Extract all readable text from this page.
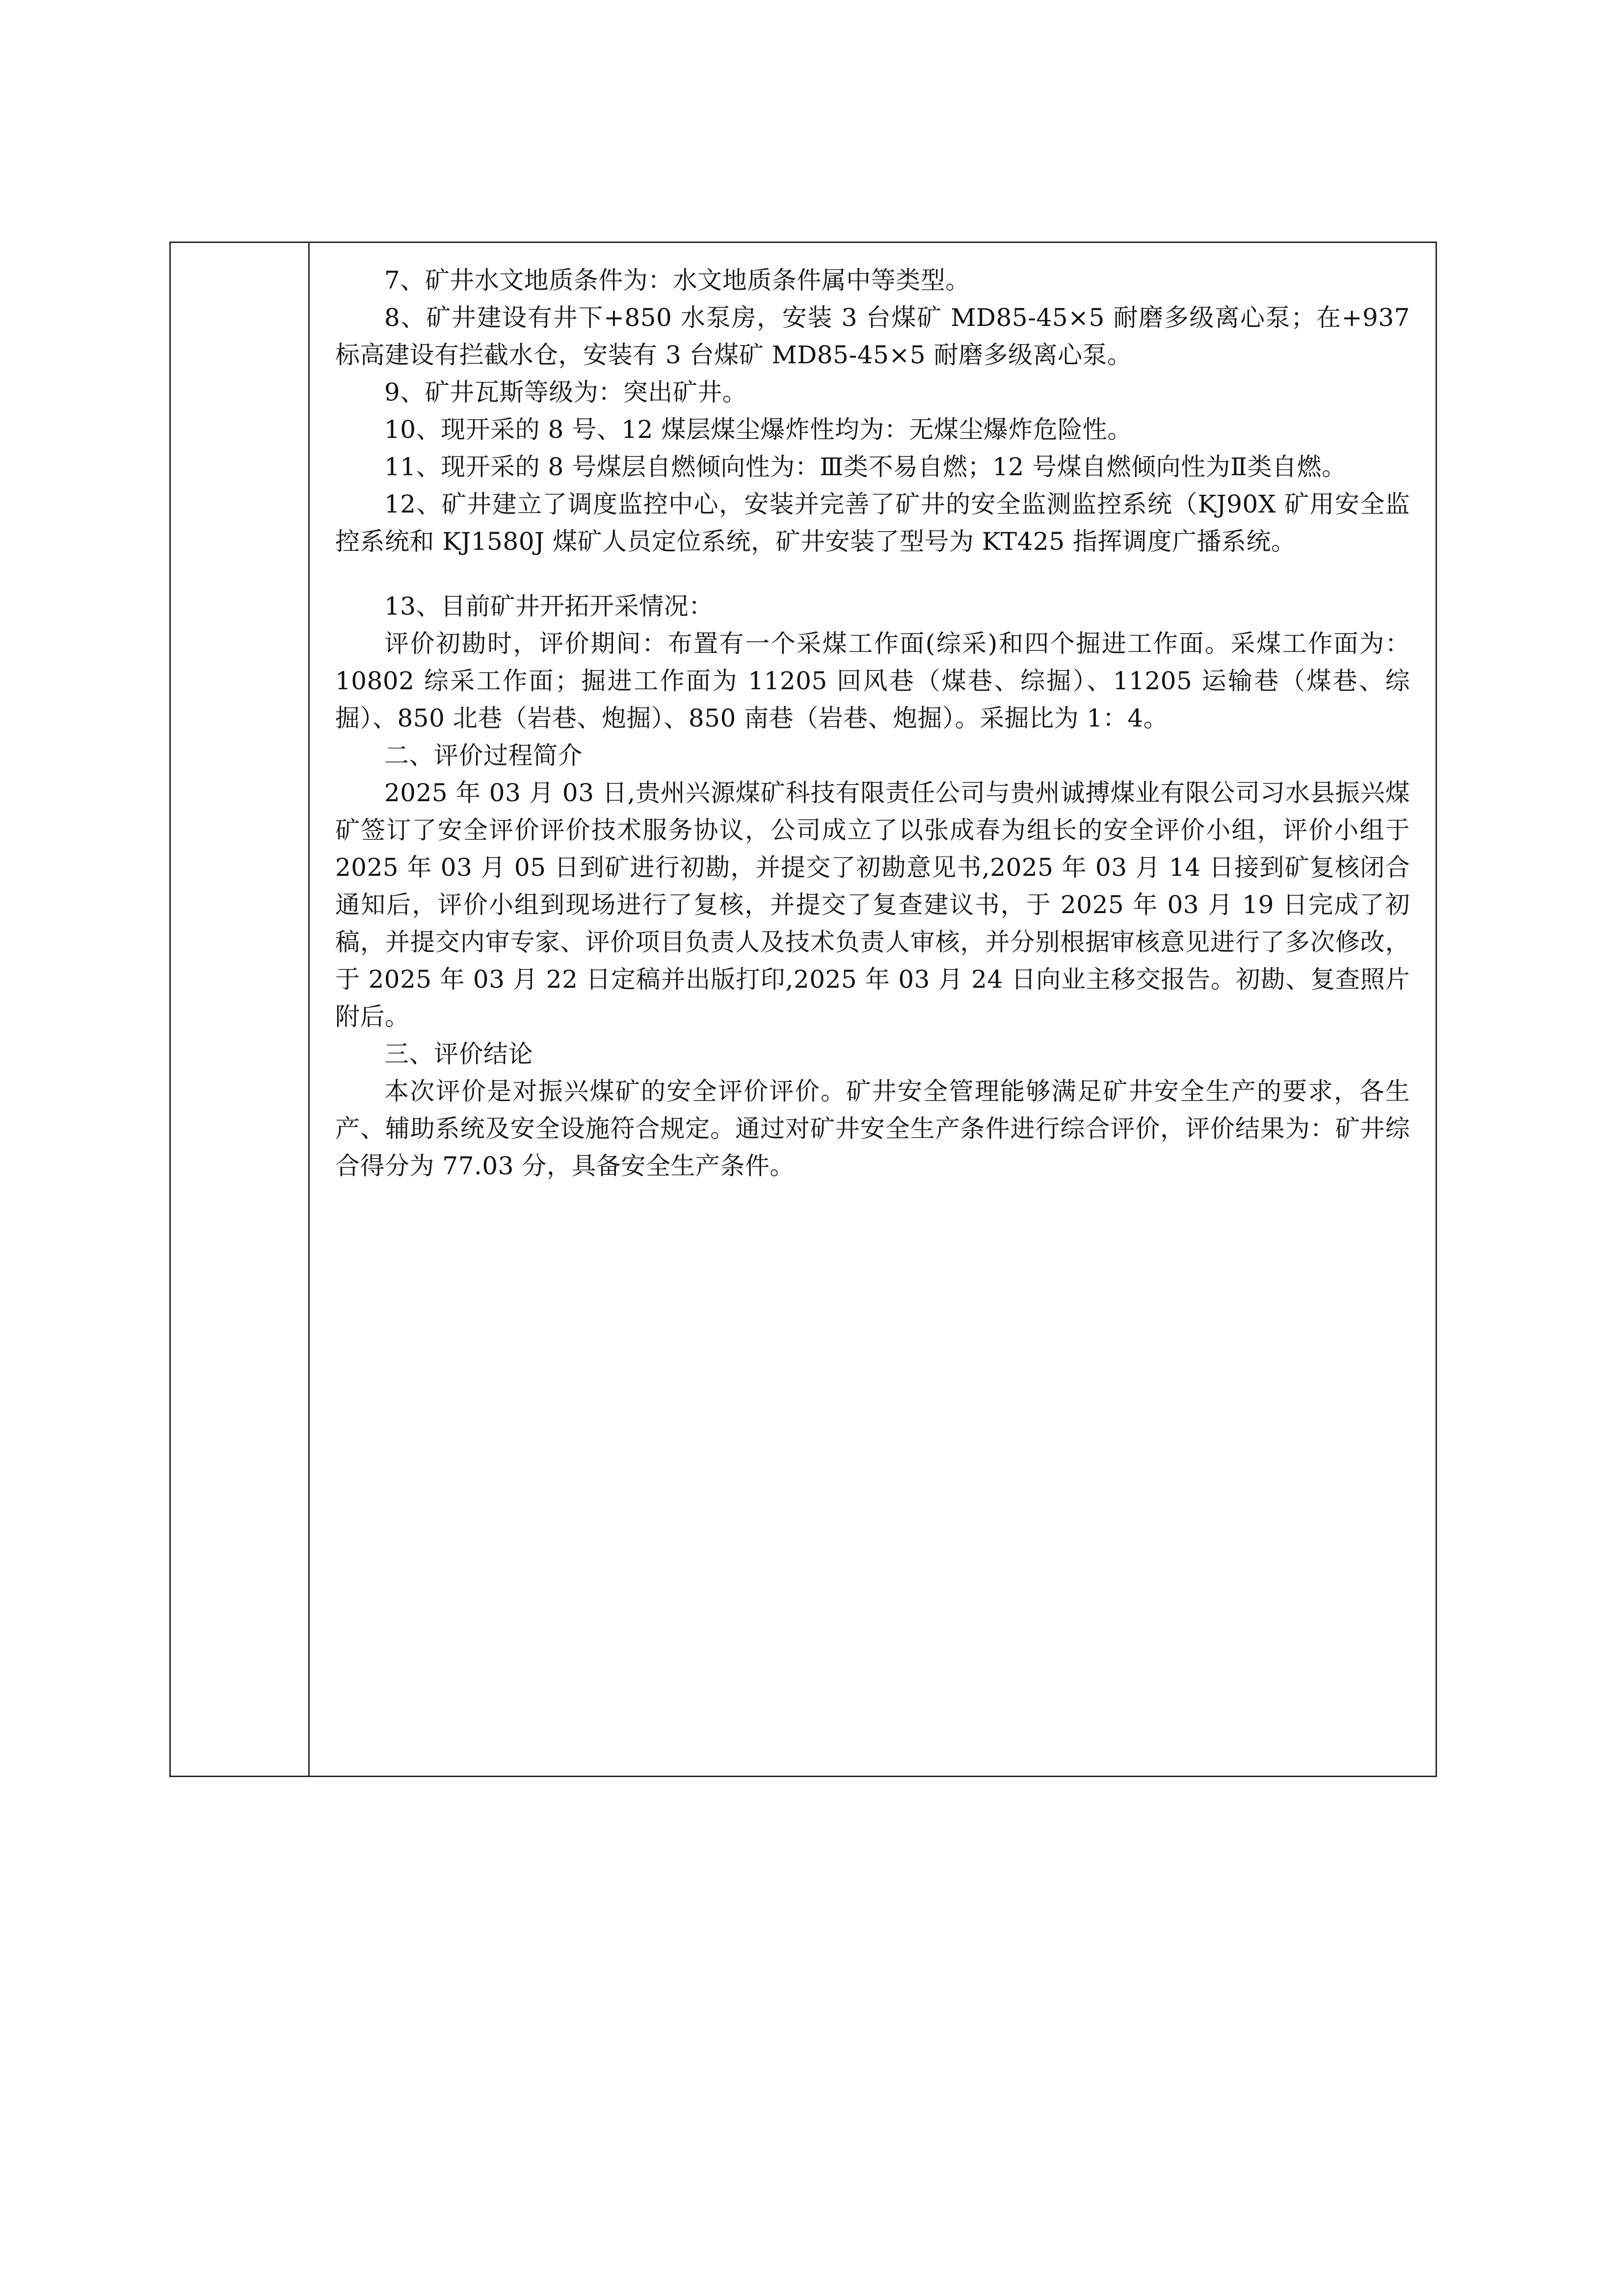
7、矿井水文地质条件为：水文地质条件属中等类型。

8、矿井建设有井下+850 水泵房，安装 3 台煤矿 MD85-45×5 耐磨多级离心泵；在+937 标高建设有拦截水仓，安装有 3 台煤矿 MD85-45×5 耐磨多级离心泵。

9、矿井瓦斯等级为：突出矿井。

10、现开采的 8 号、12 煤层煤尘爆炸性均为：无煤尘爆炸危险性。

11、现开采的 8 号煤层自燃倾向性为：Ⅲ类不易自燃；12 号煤自燃倾向性为Ⅱ类自燃。

12、矿井建立了调度监控中心，安装并完善了矿井的安全监测监控系统（KJ90X 矿用安全监控系统和 KJ1580J 煤矿人员定位系统，矿井安装了型号为 KT425 指挥调度广播系统。

13、目前矿井开拓开采情况：

评价初勘时，评价期间：布置有一个采煤工作面(综采)和四个掘进工作面。采煤工作面为：10802 综采工作面；掘进工作面为 11205 回风巷（煤巷、综掘）、11205 运输巷（煤巷、综掘）、850 北巷（岩巷、炮掘）、850 南巷（岩巷、炮掘）。采掘比为 1：4。

二、评价过程简介

2025 年 03 月 03 日,贵州兴源煤矿科技有限责任公司与贵州诚搏煤业有限公司习水县振兴煤矿签订了安全评价评价技术服务协议，公司成立了以张成春为组长的安全评价小组，评价小组于 2025 年 03 月 05 日到矿进行初勘，并提交了初勘意见书,2025 年 03 月 14 日接到矿复核闭合通知后，评价小组到现场进行了复核，并提交了复查建议书，于 2025 年 03 月 19 日完成了初稿，并提交内审专家、评价项目负责人及技术负责人审核，并分别根据审核意见进行了多次修改，于 2025 年 03 月 22 日定稿并出版打印,2025 年 03 月 24 日向业主移交报告。初勘、复查照片附后。

三、评价结论

本次评价是对振兴煤矿的安全评价评价。矿井安全管理能够满足矿井安全生产的要求，各生产、辅助系统及安全设施符合规定。通过对矿井安全生产条件进行综合评价，评价结果为：矿井综合得分为 77.03 分，具备安全生产条件。
